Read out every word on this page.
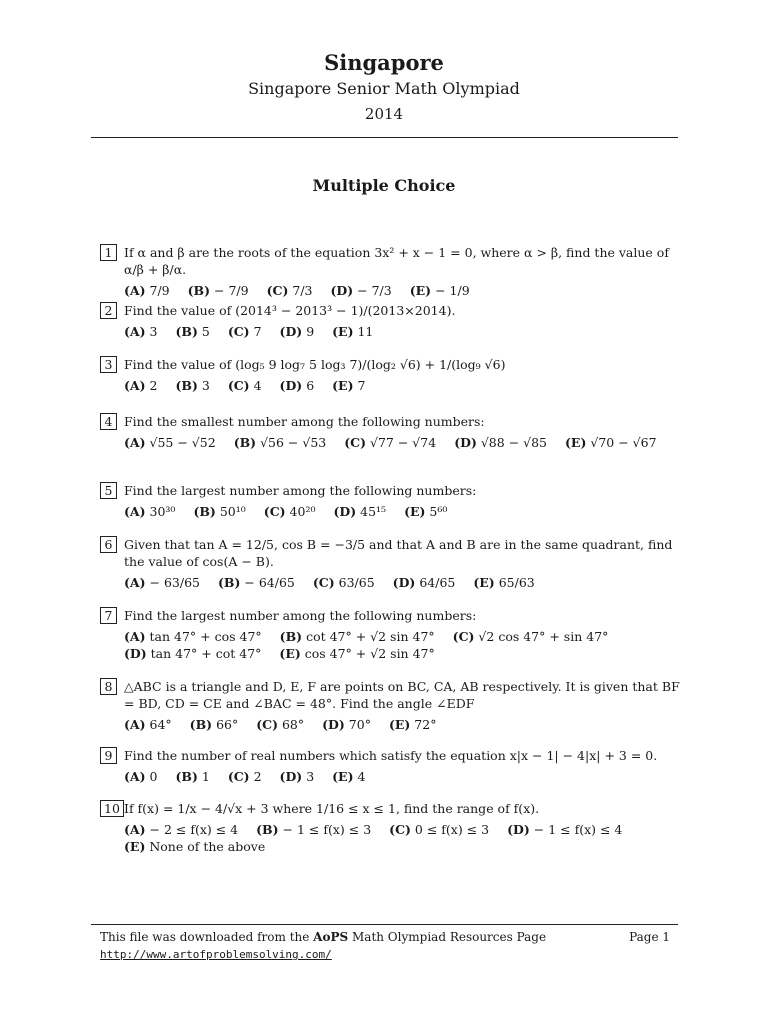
Singapore
Singapore Senior Math Olympiad
2014
Multiple Choice
1 If α and β are the roots of the equation 3x² + x − 1 = 0, where α > β, find the value of α/β + β/α.
(A) 7/9 (B) − 7/9 (C) 7/3 (D) − 7/3 (E) − 1/9
2 Find the value of (2014³ − 2013³ − 1)/(2013×2014).
(A) 3 (B) 5 (C) 7 (D) 9 (E) 11
3 Find the value of (log₅ 9 log₇ 5 log₃ 7)/(log₂ √6) + 1/(log₉ √6)
(A) 2 (B) 3 (C) 4 (D) 6 (E) 7
4 Find the smallest number among the following numbers:
(A) √55 − √52 (B) √56 − √53 (C) √77 − √74 (D) √88 − √85 (E) √70 − √67
5 Find the largest number among the following numbers:
(A) 30³⁰ (B) 50¹⁰ (C) 40²⁰ (D) 45¹⁵ (E) 5⁶⁰
6 Given that tan A = 12/5, cos B = −3/5 and that A and B are in the same quadrant, find the value of cos(A − B).
(A) − 63/65 (B) − 64/65 (C) 63/65 (D) 64/65 (E) 65/63
7 Find the largest number among the following numbers:
(A) tan 47° + cos 47° (B) cot 47° + √2 sin 47° (C) √2 cos 47° + sin 47°(D) tan 47° + cot 47° (E) cos 47° + √2 sin 47°
8 △ABC is a triangle and D, E, F are points on BC, CA, AB respectively. It is given that BF = BD, CD = CE and ∠BAC = 48°. Find the angle ∠EDF
(A) 64° (B) 66° (C) 68° (D) 70° (E) 72°
9 Find the number of real numbers which satisfy the equation x|x − 1| − 4|x| + 3 = 0.
(A) 0 (B) 1 (C) 2 (D) 3 (E) 4
10 If f(x) = 1/x − 4/√x + 3 where 1/16 ≤ x ≤ 1, find the range of f(x).
(A) − 2 ≤ f(x) ≤ 4 (B) − 1 ≤ f(x) ≤ 3 (C) 0 ≤ f(x) ≤ 3 (D) − 1 ≤ f(x) ≤ 4(E) None of the above
This file was downloaded from the AoPS Math Olympiad Resources Page	Page 1
http://www.artofproblemsolving.com/
